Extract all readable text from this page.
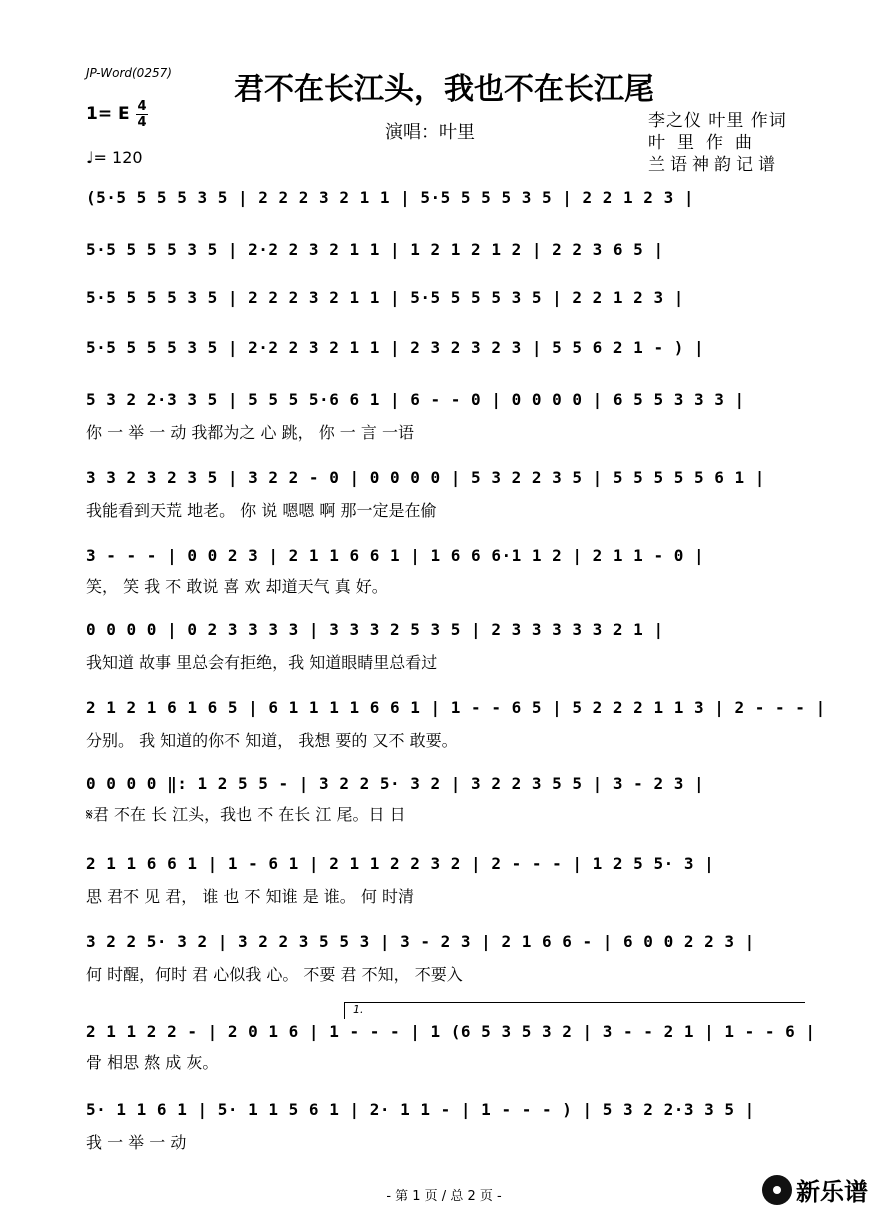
JP-Word(0257)	君不在长江头，我也不在长江尾
1= E 4
4
♩= 120
演唱：叶里
李之仪 叶里 作词
叶里作曲
兰语神韵记谱
(5·5 5 5 5 3 5 | 2 2 2 3 2 1 1 | 5·5 5 5 5 3 5 | 2 2 1 2 3 |
5·5 5 5 5 3 5 | 2·2 2 3 2 1 1 | 1 2 1 2 1 2 | 2 2 3 6 5 |
5·5 5 5 5 3 5 | 2 2 2 3 2 1 1 | 5·5 5 5 5 3 5 | 2 2 1 2 3 |
5·5 5 5 5 3 5 | 2·2 2 3 2 1 1 | 2 3 2 3 2 3 | 5 5 6 2 1 - ) |
5 3 2 2·3 3 5 | 5 5 5 5·6 6 1 | 6 - - 0 | 0 0 0 0 | 6 5 5 3 3 3 |
你 一 举 一 动 我都为之 心 跳， 你 一 言 一语
3 3 2 3 2 3 5 | 3 2 2 - 0 | 0 0 0 0 | 5 3 2 2 3 5 | 5 5 5 5 5 6 1 |
我能看到天荒 地老。 你 说 嗯嗯 啊 那一定是在偷
3 - - - | 0 0 2 3 | 2 1 1 6 6 1 | 1 6 6 6·1 1 2 | 2 1 1 - 0 |
笑， 笑 我 不 敢说 喜 欢 却道天气 真 好。
0 0 0 0 | 0 2 3 3 3 3 | 3 3 3 2 5 3 5 | 2 3 3 3 3 3 2 1 |
我知道 故事 里总会有拒绝，我 知道眼睛里总看过
2 1 2 1 6 1 6 5 | 6 1 1 1 1 6 6 1 | 1 - - 6 5 | 5 2 2 2 1 1 3 | 2 - - - |
分别。 我 知道的你不 知道， 我想 要的 又不 敢要。
0 0 0 0 ‖: 1 2 5 5 - | 3 2 2 5· 3 2 | 3 2 2 3 5 5 | 3 - 2 3 |
𝄋君 不在 长 江头，我也 不 在长 江 尾。日 日
2 1 1 6 6 1 | 1 - 6 1 | 2 1 1 2 2 3 2 | 2 - - - | 1 2 5 5· 3 |
思 君不 见 君， 谁 也 不 知谁 是 谁。 何 时清
3 2 2 5· 3 2 | 3 2 2 3 5 5 3 | 3 - 2 3 | 2 1 6 6 - | 6 0 0 2 2 3 |
何 时醒，何时 君 心似我 心。 不要 君 不知， 不要入
1.
2 1 1 2 2 - | 2 0 1 6 | 1 - - - | 1 (6 5 3 5 3 2 | 3 - - 2 1 | 1 - - 6 |
骨 相思 熬 成 灰。
5· 1 1 6 1 | 5· 1 1 5 6 1 | 2· 1 1 - | 1 - - - ) | 5 3 2 2·3 3 5 |
我 一 举 一 动
- 第 1 页 / 总 2 页 -	新乐谱
